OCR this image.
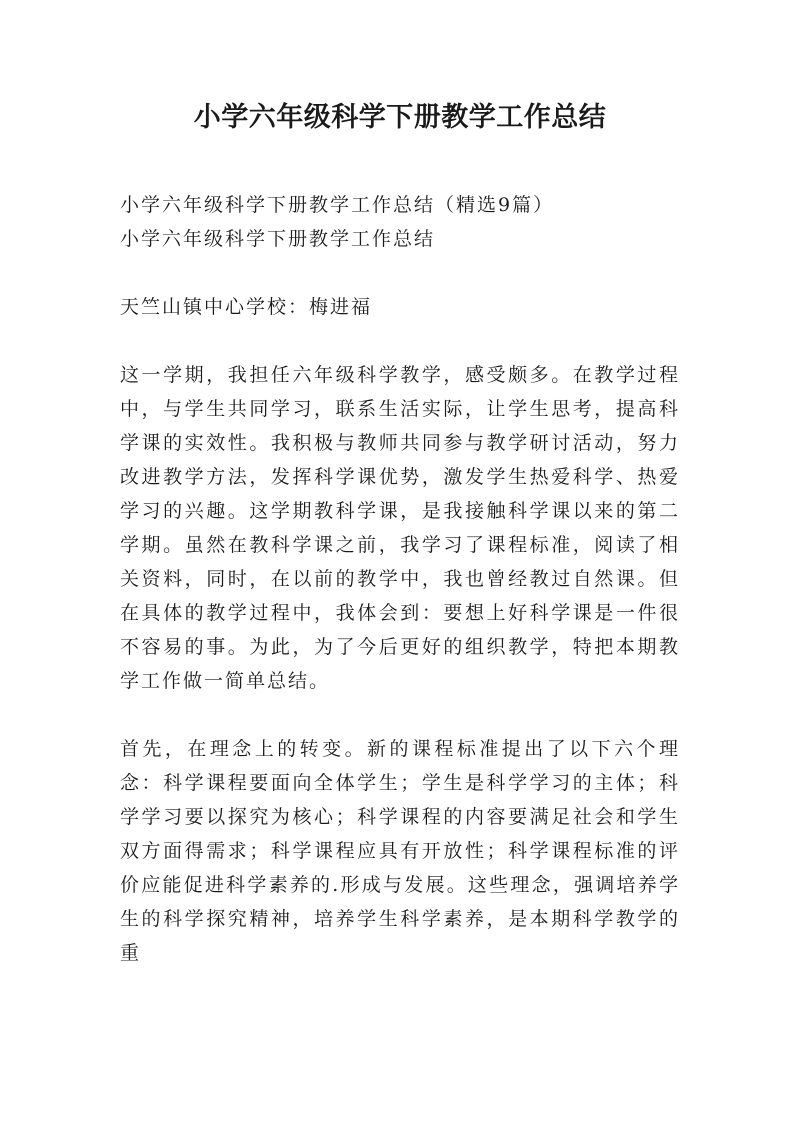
小学六年级科学下册教学工作总结

小学六年级科学下册教学工作总结（精选9篇）

小学六年级科学下册教学工作总结

天竺山镇中心学校：梅进福

这一学期，我担任六年级科学教学，感受颇多。在教学过程中，与学生共同学习，联系生活实际，让学生思考，提高科学课的实效性。我积极与教师共同参与教学研讨活动，努力改进教学方法，发挥科学课优势，激发学生热爱科学、热爱学习的兴趣。这学期教科学课，是我接触科学课以来的第二学期。虽然在教科学课之前，我学习了课程标准，阅读了相关资料，同时，在以前的教学中，我也曾经教过自然课。但在具体的教学过程中，我体会到：要想上好科学课是一件很不容易的事。为此，为了今后更好的组织教学，特把本期教学工作做一简单总结。

首先，在理念上的转变。新的课程标准提出了以下六个理念：科学课程要面向全体学生；学生是科学学习的主体；科学学习要以探究为核心；科学课程的内容要满足社会和学生双方面得需求；科学课程应具有开放性；科学课程标准的评价应能促进科学素养的.形成与发展。这些理念，强调培养学生的科学探究精神，培养学生科学素养，是本期科学教学的重
